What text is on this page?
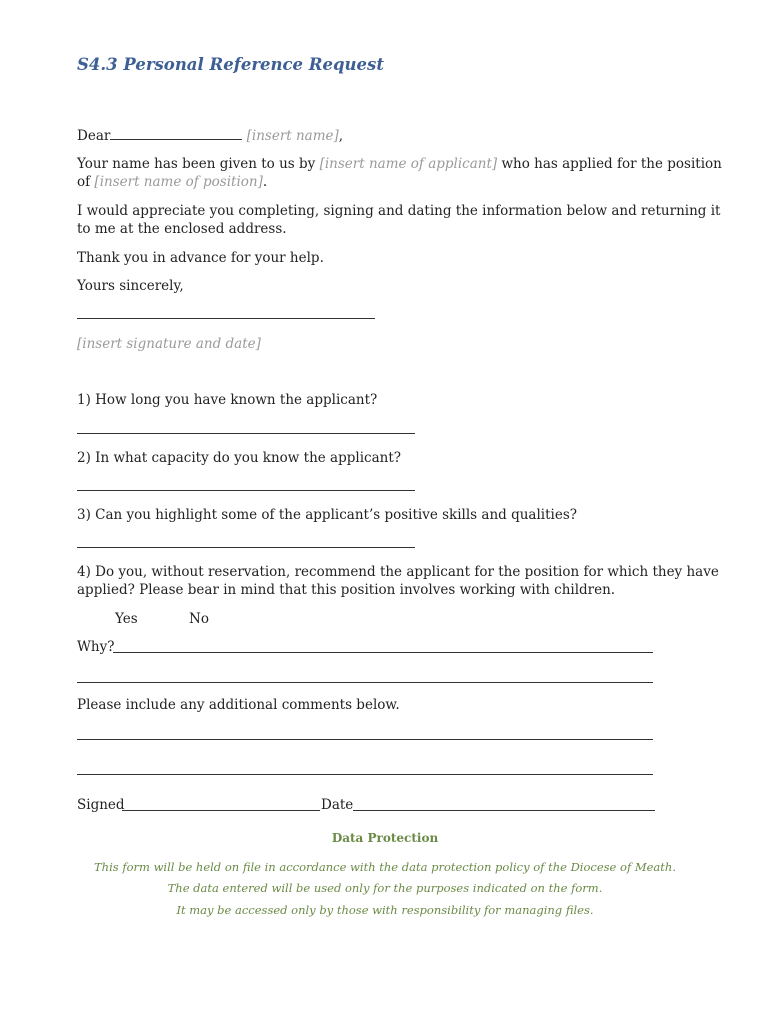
S4.3 Personal Reference Request
Dear	[insert name],
Your name has been given to us by [insert name of applicant] who has applied for the position
of [insert name of position].
I would appreciate you completing, signing and dating the information below and returning it
to me at the enclosed address.
Thank you in advance for your help.
Yours sincerely,
[insert signature and date]
1) How long you have known the applicant?
2) In what capacity do you know the applicant?
3) Can you highlight some of the applicant’s positive skills and qualities?
4) Do you, without reservation, recommend the applicant for the position for which they have
applied? Please bear in mind that this position involves working with children.
Yes	No
Why?
Please include any additional comments below.
Signed	Date
Data Protection
This form will be held on file in accordance with the data protection policy of the Diocese of Meath.
The data entered will be used only for the purposes indicated on the form.
It may be accessed only by those with responsibility for managing files.
